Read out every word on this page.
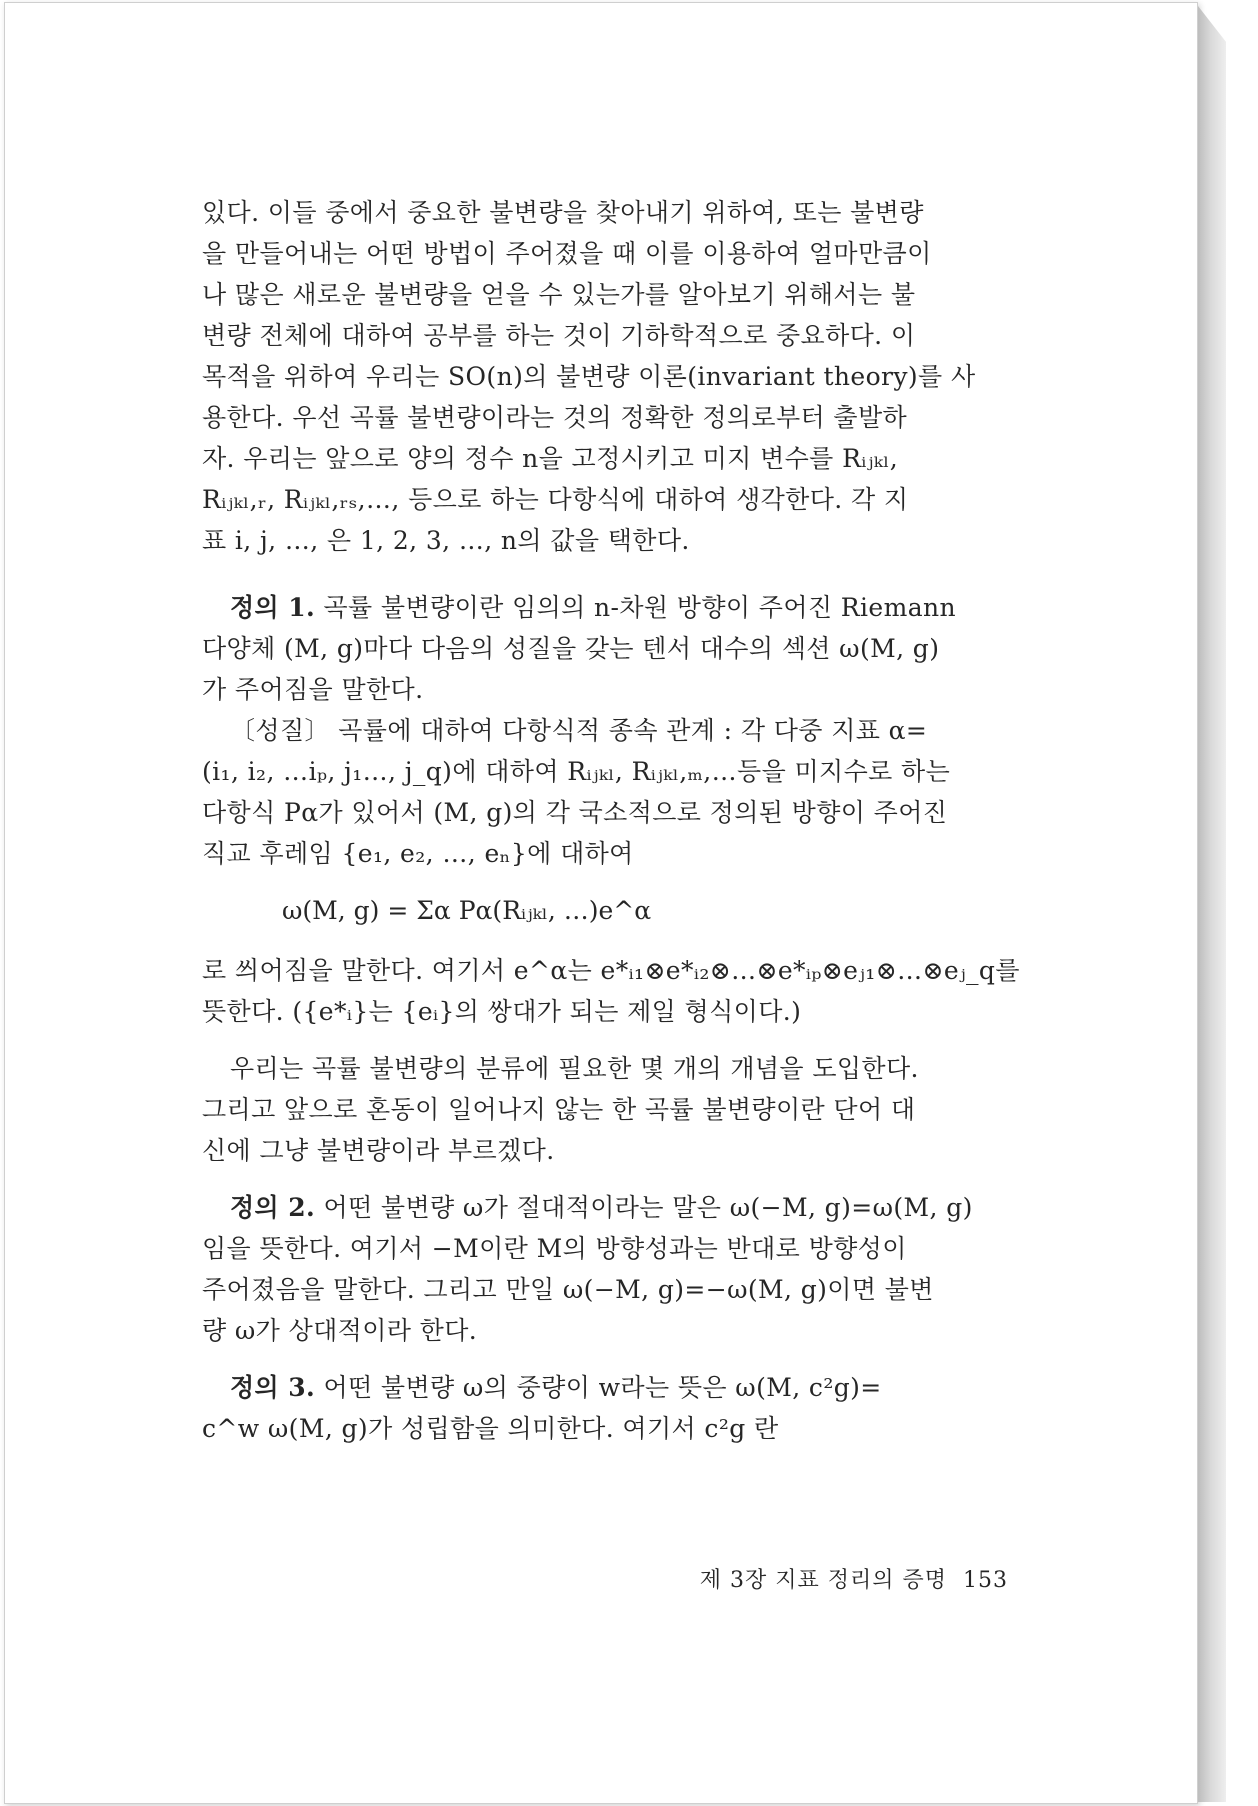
있다. 이들 중에서 중요한 불변량을 찾아내기 위하여, 또는 불변량

을 만들어내는 어떤 방법이 주어졌을 때 이를 이용하여 얼마만큼이

나 많은 새로운 불변량을 얻을 수 있는가를 알아보기 위해서는 불

변량 전체에 대하여 공부를 하는 것이 기하학적으로 중요하다. 이

목적을 위하여 우리는 SO(n)의 불변량 이론(invariant theory)를 사

용한다. 우선 곡률 불변량이라는 것의 정확한 정의로부터 출발하

자. 우리는 앞으로 양의 정수 n을 고정시키고 미지 변수를 Rᵢⱼₖₗ,

Rᵢⱼₖₗ,ᵣ, Rᵢⱼₖₗ,ᵣₛ,…, 등으로 하는 다항식에 대하여 생각한다. 각 지

표 i, j, …, 은 1, 2, 3, …, n의 값을 택한다.

정의 1. 곡률 불변량이란 임의의 n-차원 방향이 주어진 Riemann

다양체 (M, g)마다 다음의 성질을 갖는 텐서 대수의 섹션 ω(M, g)

가 주어짐을 말한다.

〔성질〕 곡률에 대하여 다항식적 종속 관계 : 각 다중 지표 α=

(i₁, i₂, …iₚ, j₁…, j_q)에 대하여 Rᵢⱼₖₗ, Rᵢⱼₖₗ,ₘ,…등을 미지수로 하는

다항식 Pα가 있어서 (M, g)의 각 국소적으로 정의된 방향이 주어진

직교 후레임 {e₁, e₂, …, eₙ}에 대하여

ω(M, g) = Σα Pα(Rᵢⱼₖₗ, …)e^α

로 씌어짐을 말한다. 여기서 e^α는 e*ᵢ₁⊗e*ᵢ₂⊗…⊗e*ᵢₚ⊗eⱼ₁⊗…⊗eⱼ_q를

뜻한다. ({e*ᵢ}는 {eᵢ}의 쌍대가 되는 제일 형식이다.)

우리는 곡률 불변량의 분류에 필요한 몇 개의 개념을 도입한다.

그리고 앞으로 혼동이 일어나지 않는 한 곡률 불변량이란 단어 대

신에 그냥 불변량이라 부르겠다.

정의 2. 어떤 불변량 ω가 절대적이라는 말은 ω(−M, g)=ω(M, g)

임을 뜻한다. 여기서 −M이란 M의 방향성과는 반대로 방향성이

주어졌음을 말한다. 그리고 만일 ω(−M, g)=−ω(M, g)이면 불변

량 ω가 상대적이라 한다.

정의 3. 어떤 불변량 ω의 중량이 w라는 뜻은 ω(M, c²g)=

c^w ω(M, g)가 성립함을 의미한다. 여기서 c²g 란

제 3장 지표 정리의 증명 153
